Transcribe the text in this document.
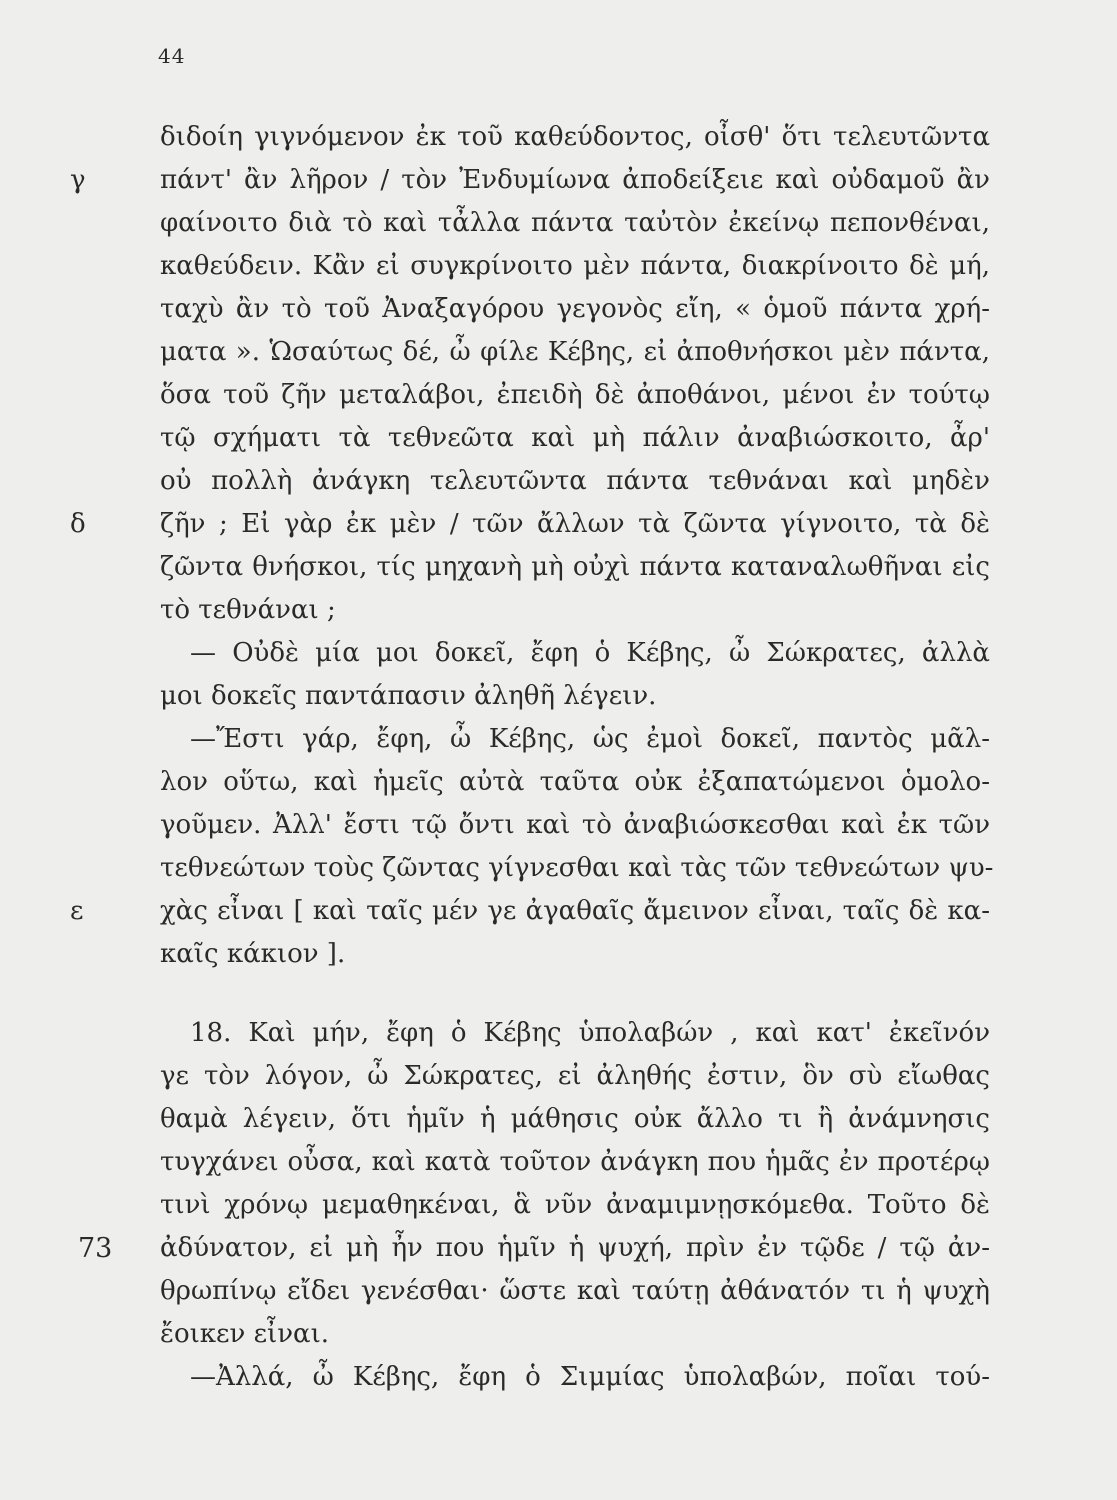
44
διδοίη γιγνόμενον ἐκ τοῦ καθεύδοντος, οἶσθ' ὅτι τελευτῶντα
γ	πάντ' ἂν λῆρον / τὸν Ἐνδυμίωνα ἀποδείξειε καὶ οὐδαμοῦ ἂν
φαίνοιτο διὰ τὸ καὶ τἆλλα πάντα ταὐτὸν ἐκείνῳ πεπονθέναι,
καθεύδειν. Κἂν εἰ συγκρίνοιτο μὲν πάντα, διακρίνοιτο δὲ μή,
ταχὺ ἂν τὸ τοῦ Ἀναξαγόρου γεγονὸς εἴη, « ὁμοῦ πάντα χρή-
ματα ». Ὡσαύτως δέ, ὦ φίλε Κέβης, εἰ ἀποθνήσκοι μὲν πάντα,
ὅσα τοῦ ζῆν μεταλάβοι, ἐπειδὴ δὲ ἀποθάνοι, μένοι ἐν τούτῳ
τῷ σχήματι τὰ τεθνεῶτα καὶ μὴ πάλιν ἀναβιώσκοιτο, ἆρ'
οὐ πολλὴ ἀνάγκη τελευτῶντα πάντα τεθνάναι καὶ μηδὲν
δ	ζῆν ; Εἰ γὰρ ἐκ μὲν / τῶν ἄλλων τὰ ζῶντα γίγνοιτο, τὰ δὲ
ζῶντα θνήσκοι, τίς μηχανὴ μὴ οὐχὶ πάντα καταναλωθῆναι εἰς
τὸ τεθνάναι ;
— Οὐδὲ μία μοι δοκεῖ, ἔφη ὁ Κέβης, ὦ Σώκρατες, ἀλλὰ
μοι δοκεῖς παντάπασιν ἀληθῆ λέγειν.
—Ἔστι γάρ, ἔφη, ὦ Κέβης, ὡς ἐμοὶ δοκεῖ, παντὸς μᾶλ-
λον οὕτω, καὶ ἡμεῖς αὐτὰ ταῦτα οὐκ ἐξαπατώμενοι ὁμολο-
γοῦμεν. Ἀλλ' ἔστι τῷ ὄντι καὶ τὸ ἀναβιώσκεσθαι καὶ ἐκ τῶν
τεθνεώτων τοὺς ζῶντας γίγνεσθαι καὶ τὰς τῶν τεθνεώτων ψυ-
ε	χὰς εἶναι [ καὶ ταῖς μέν γε ἀγαθαῖς ἄμεινον εἶναι, ταῖς δὲ κα-
καῖς κάκιον ].
18. Καὶ μήν, ἔφη ὁ Κέβης ὑπολαβών , καὶ κατ' ἐκεῖνόν
γε τὸν λόγον, ὦ Σώκρατες, εἰ ἀληθής ἐστιν, ὃν σὺ εἴωθας
θαμὰ λέγειν, ὅτι ἡμῖν ἡ μάθησις οὐκ ἄλλο τι ἢ ἀνάμνησις
τυγχάνει οὖσα, καὶ κατὰ τοῦτον ἀνάγκη που ἡμᾶς ἐν προτέρῳ
τινὶ χρόνῳ μεμαθηκέναι, ἃ νῦν ἀναμιμνῃσκόμεθα. Τοῦτο δὲ
73	ἀδύνατον, εἰ μὴ ἦν που ἡμῖν ἡ ψυχή, πρὶν ἐν τῷδε / τῷ ἀν-
θρωπίνῳ εἴδει γενέσθαι· ὥστε καὶ ταύτῃ ἀθάνατόν τι ἡ ψυχὴ
ἔοικεν εἶναι.
—Ἀλλά, ὦ Κέβης, ἔφη ὁ Σιμμίας ὑπολαβών, ποῖαι τού-
